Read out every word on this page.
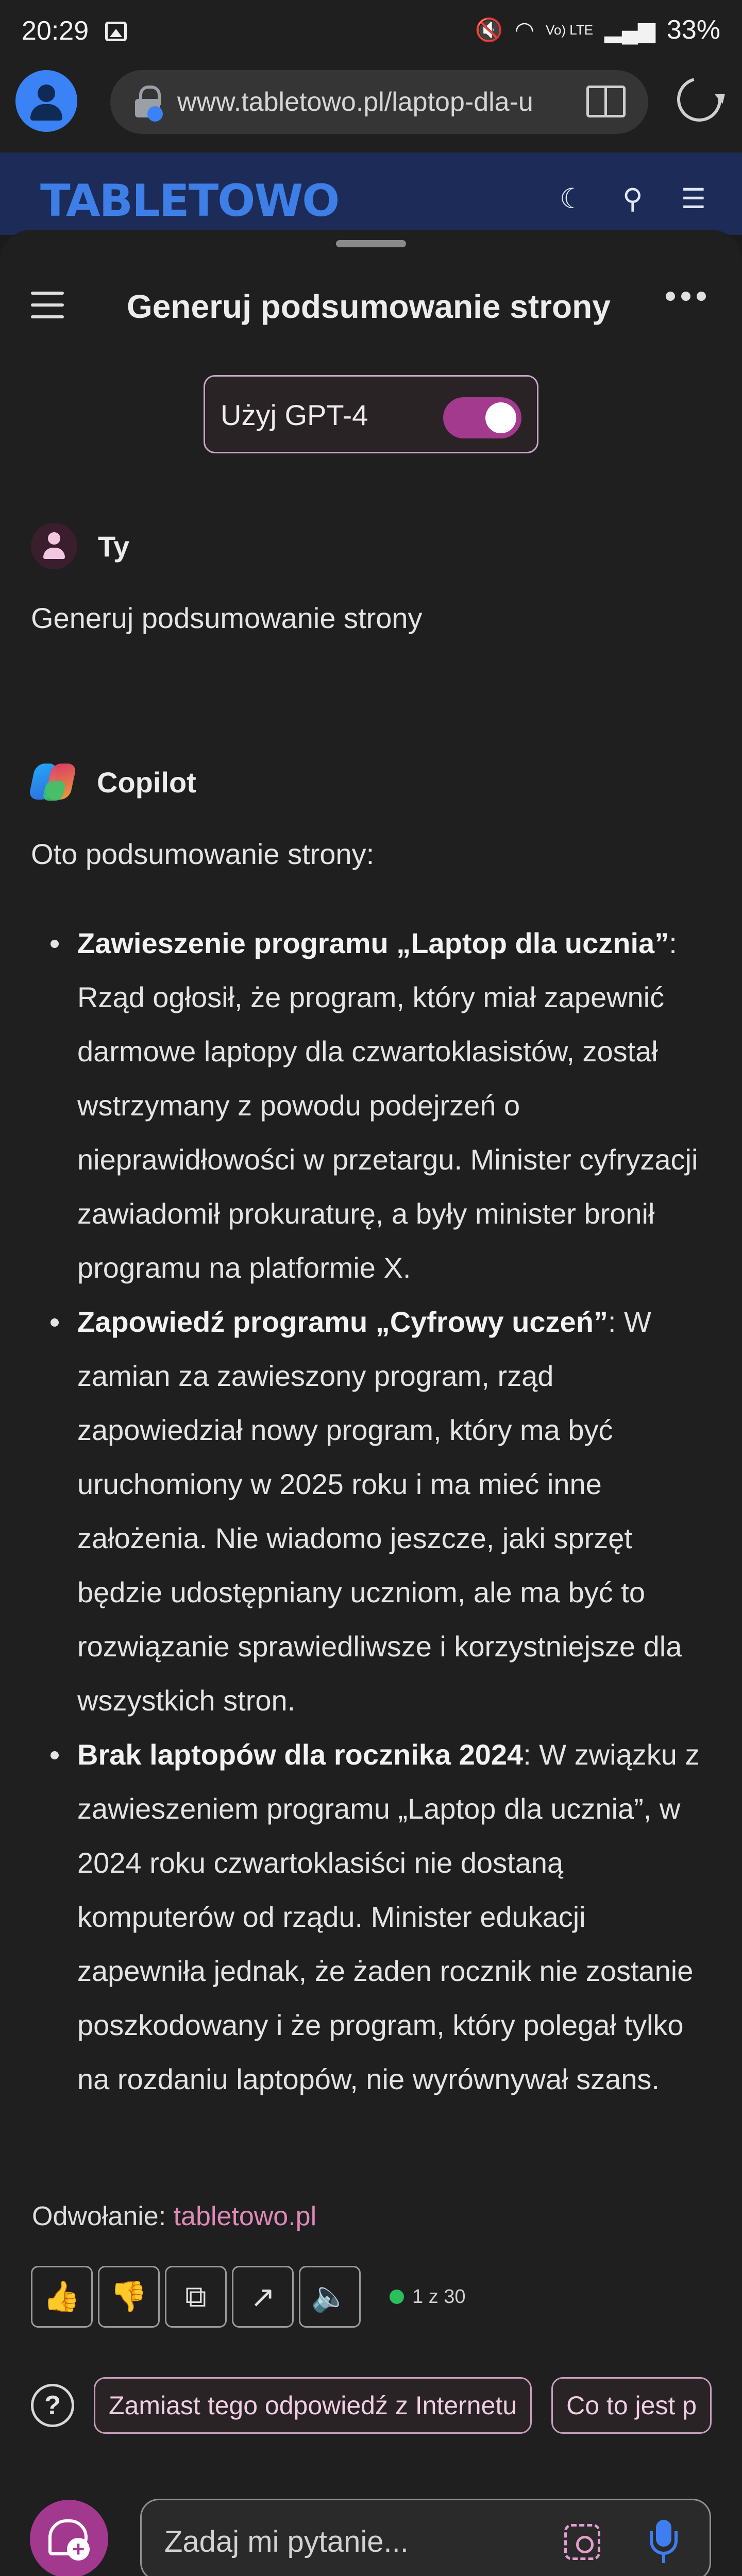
20:29	🔇 ◠ Vo) LTE ▂▄▆ 33%
www.tabletowo.pl/laptop-dla-u
TABLETOWO	☾ ⚲ ☰
Generuj podsumowanie strony
Użyj GPT-4
Ty
Generuj podsumowanie strony
Copilot
Oto podsumowanie strony:
Zawieszenie programu „Laptop dla ucznia”: Rząd ogłosił, że program, który miał zapewnić darmowe laptopy dla czwartoklasistów, został wstrzymany z powodu podejrzeń o nieprawidłowości w przetargu. Minister cyfryzacji zawiadomił prokuraturę, a były minister bronił programu na platformie X.
Zapowiedź programu „Cyfrowy uczeń”: W zamian za zawieszony program, rząd zapowiedział nowy program, który ma być uruchomiony w 2025 roku i ma mieć inne założenia. Nie wiadomo jeszcze, jaki sprzęt będzie udostępniany uczniom, ale ma być to rozwiązanie sprawiedliwsze i korzystniejsze dla wszystkich stron.
Brak laptopów dla rocznika 2024: W związku z zawieszeniem programu „Laptop dla ucznia”, w 2024 roku czwartoklasiści nie dostaną komputerów od rządu. Minister edukacji zapewniła jednak, że żaden rocznik nie zostanie poszkodowany i że program, który polegał tylko na rozdaniu laptopów, nie wyrównywał szans.
Odwołanie: tabletowo.pl
👍 👎	⧉	↗	🔈	1 z 30
?	Zamiast tego odpowiedź z Internetu	Co to jest p
+
Zadaj mi pytanie...
